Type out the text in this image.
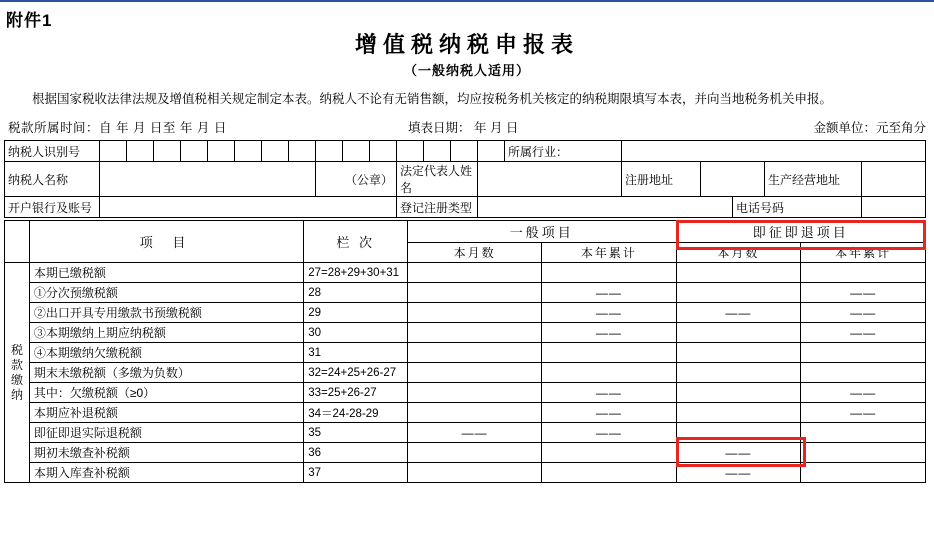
附件1
增值税纳税申报表
（一般纳税人适用）
根据国家税收法律法规及增值税相关规定制定本表。纳税人不论有无销售额，均应按税务机关核定的纳税期限填写本表，并向当地税务机关申报。
税款所属时间：自 年 月 日至 年 月 日	填表日期： 年 月 日	金额单位：元至角分
纳税人识别号																所属行业：					
纳税人名称									（公章）			法定代表人姓名					注册地址			生产经营地址	
开户银行及账号												登记注册类型							电话号码		
	项 目	栏 次	一般项目		即征即退项目	
			本月数	本年累计	本月数	本年累计

税款缴纳	本期已缴税额	27=28+29+30+31				
	①分次预缴税额	28		——		——
	②出口开具专用缴款书预缴税额	29		——	——	——
	③本期缴纳上期应纳税额	30		——		——
	④本期缴纳欠缴税额	31				
	期末未缴税额（多缴为负数）	32=24+25+26-27				
	其中：欠缴税额（≥0）	33=25+26-27		——		——
	本期应补退税额	34＝24-28-29		——		——
	即征即退实际退税额	35	——	——		
	期初未缴查补税额	36			——	
	本期入库查补税额	37			——	
